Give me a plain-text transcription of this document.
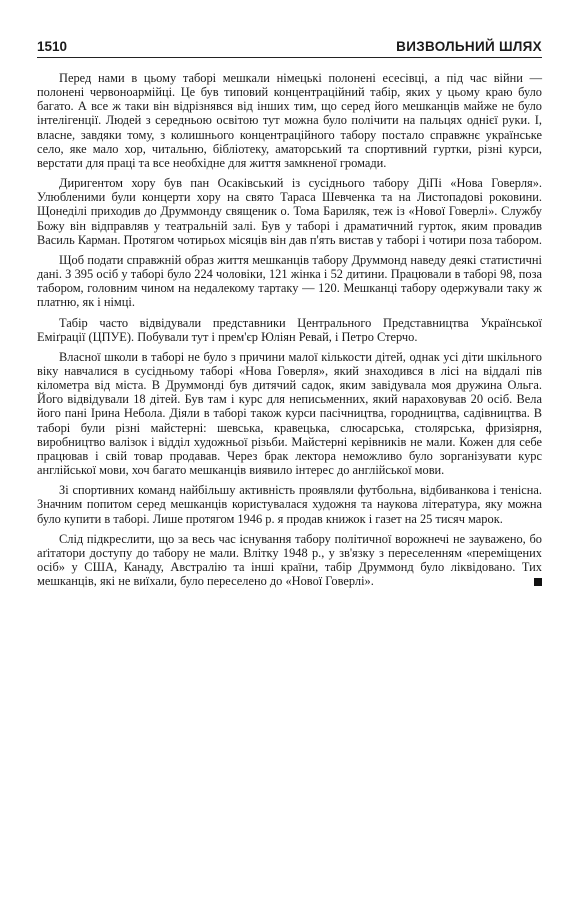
1510	ВИЗВОЛЬНИЙ ШЛЯХ

Перед нами в цьому таборі мешкали німецькі полонені есесівці, а під час війни — полонені червоноармійці. Це був типовий концентраційний табір, яких у цьому краю було багато. А все ж таки він відрізнявся від інших тим, що серед його мешканців майже не було інтелігенції. Людей з середньою освітою тут можна було полічити на пальцях однієї руки. І, власне, завдяки тому, з колишнього концентраційного табору постало справжнє українське село, яке мало хор, читальню, бібліотеку, аматорський та спортивний гуртки, різні курси, верстати для праці та все необхідне для життя замкненої громади.

Диригентом хору був пан Осаківський із сусіднього табору ДіПі «Нова Говерля». Улюбленими були концерти хору на свято Тараса Шевченка та на Листопадові роковини. Щонеділі приходив до Друммонду священик о. Тома Бариляк, теж із «Нової Говерлі». Службу Божу він відправляв у театральній залі. Був у таборі і драматичний гурток, яким провадив Василь Карман. Протягом чотирьох місяців він дав п'ять вистав у таборі і чотири поза табором.

Щоб подати справжній образ життя мешканців табору Друммонд наведу деякі статистичні дані. З 395 осіб у таборі було 224 чоловіки, 121 жінка і 52 дитини. Працювали в таборі 98, поза табором, головним чином на недалекому тартаку — 120. Мешканці табору одержували таку ж платню, як і німці.

Табір часто відвідували представники Центрального Представництва Української Еміґрації (ЦПУЕ). Побували тут і прем'єр Юліян Ревай, і Петро Стерчо.

Власної школи в таборі не було з причини малої кількости дітей, однак усі діти шкільного віку навчалися в сусідньому таборі «Нова Говерля», який знаходився в лісі на віддалі пів кілометра від міста. В Друммонді був дитячий садок, яким завідувала моя дружина Ольга. Його відвідували 18 дітей. Був там і курс для неписьменних, який нараховував 20 осіб. Вела його пані Ірина Небола. Діяли в таборі також курси пасічництва, городництва, садівництва. В таборі були різні майстерні: шевська, кравецька, слюсарська, столярська, фризіярня, виробництво валізок і відділ художньої різьби. Майстерні керівників не мали. Кожен для себе працював і свій товар продавав. Через брак лектора неможливо було зорганізувати курс англійської мови, хоч багато мешканців виявило інтерес до англійської мови.

Зі спортивних команд найбільшу активність проявляли футбольна, відбиванкова і тенісна. Значним попитом серед мешканців користувалася художня та наукова література, яку можна було купити в таборі. Лише протягом 1946 р. я продав книжок і газет на 25 тисяч марок.

Слід підкреслити, що за весь час існування табору політичної ворожнечі не зауважено, бо аґітатори доступу до табору не мали. Влітку 1948 р., у зв'язку з переселенням «переміщених осіб» у США, Канаду, Австралію та інші країни, табір Друммонд було ліквідовано. Тих мешканців, які не виїхали, було переселено до «Нової Говерлі».
